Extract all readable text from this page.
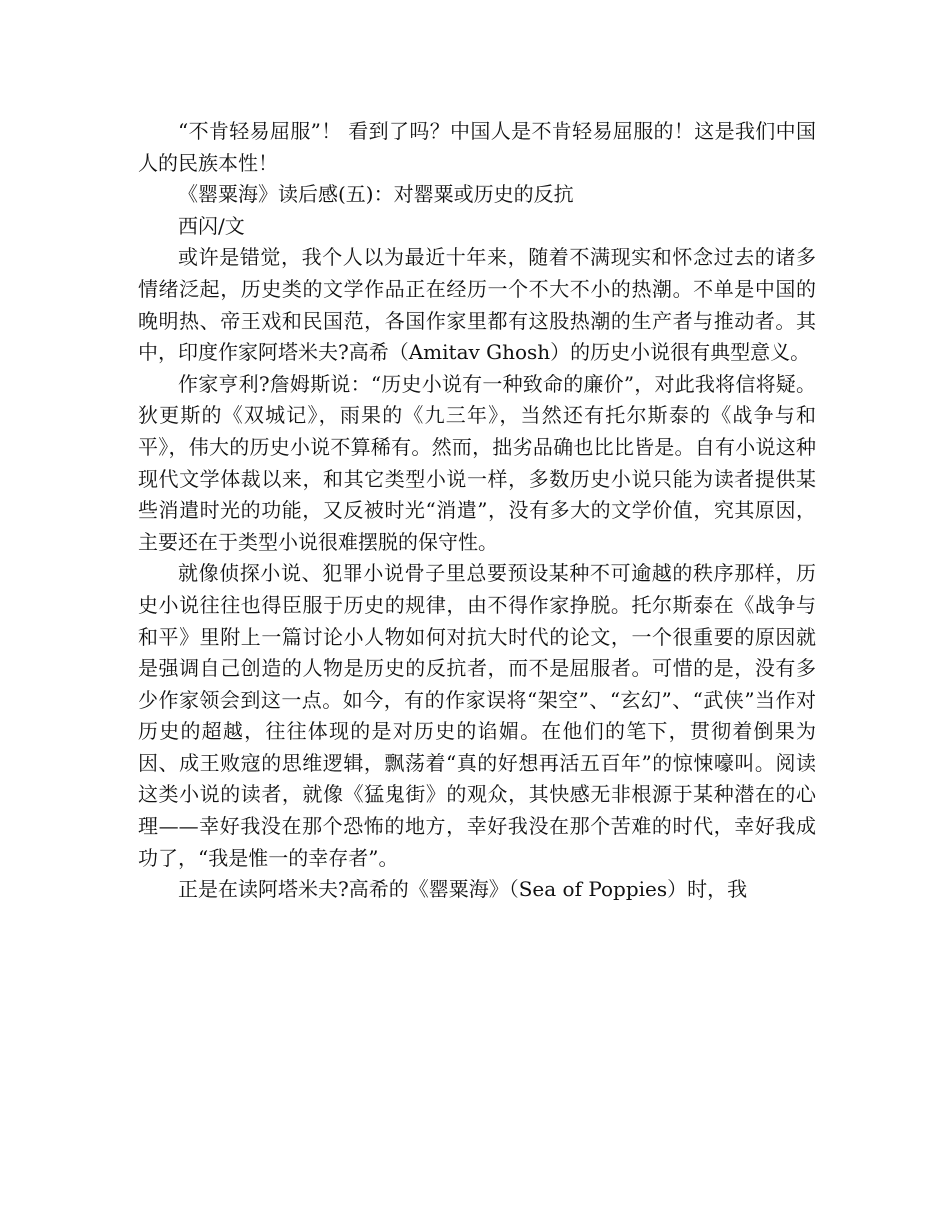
“不肯轻易屈服”！ 看到了吗？中国人是不肯轻易屈服的！这是我们中国人的民族本性！

《罂粟海》读后感(五)：对罂粟或历史的反抗

西闪/文

或许是错觉，我个人以为最近十年来，随着不满现实和怀念过去的诸多情绪泛起，历史类的文学作品正在经历一个不大不小的热潮。不单是中国的晚明热、帝王戏和民国范，各国作家里都有这股热潮的生产者与推动者。其中，印度作家阿塔米夫?高希（Amitav Ghosh）的历史小说很有典型意义。

作家亨利?詹姆斯说：“历史小说有一种致命的廉价”，对此我将信将疑。狄更斯的《双城记》，雨果的《九三年》，当然还有托尔斯泰的《战争与和平》，伟大的历史小说不算稀有。然而，拙劣品确也比比皆是。自有小说这种现代文学体裁以来，和其它类型小说一样，多数历史小说只能为读者提供某些消遣时光的功能，又反被时光“消遣”，没有多大的文学价值，究其原因，主要还在于类型小说很难摆脱的保守性。

就像侦探小说、犯罪小说骨子里总要预设某种不可逾越的秩序那样，历史小说往往也得臣服于历史的规律，由不得作家挣脱。托尔斯泰在《战争与和平》里附上一篇讨论小人物如何对抗大时代的论文，一个很重要的原因就是强调自己创造的人物是历史的反抗者，而不是屈服者。可惜的是，没有多少作家领会到这一点。如今，有的作家误将“架空”、“玄幻”、“武侠”当作对历史的超越，往往体现的是对历史的谄媚。在他们的笔下，贯彻着倒果为因、成王败寇的思维逻辑，飘荡着“真的好想再活五百年”的惊悚嚎叫。阅读这类小说的读者，就像《猛鬼街》的观众，其快感无非根源于某种潜在的心理——幸好我没在那个恐怖的地方，幸好我没在那个苦难的时代，幸好我成功了，“我是惟一的幸存者”。

正是在读阿塔米夫?高希的《罂粟海》（Sea of Poppies）时，我
